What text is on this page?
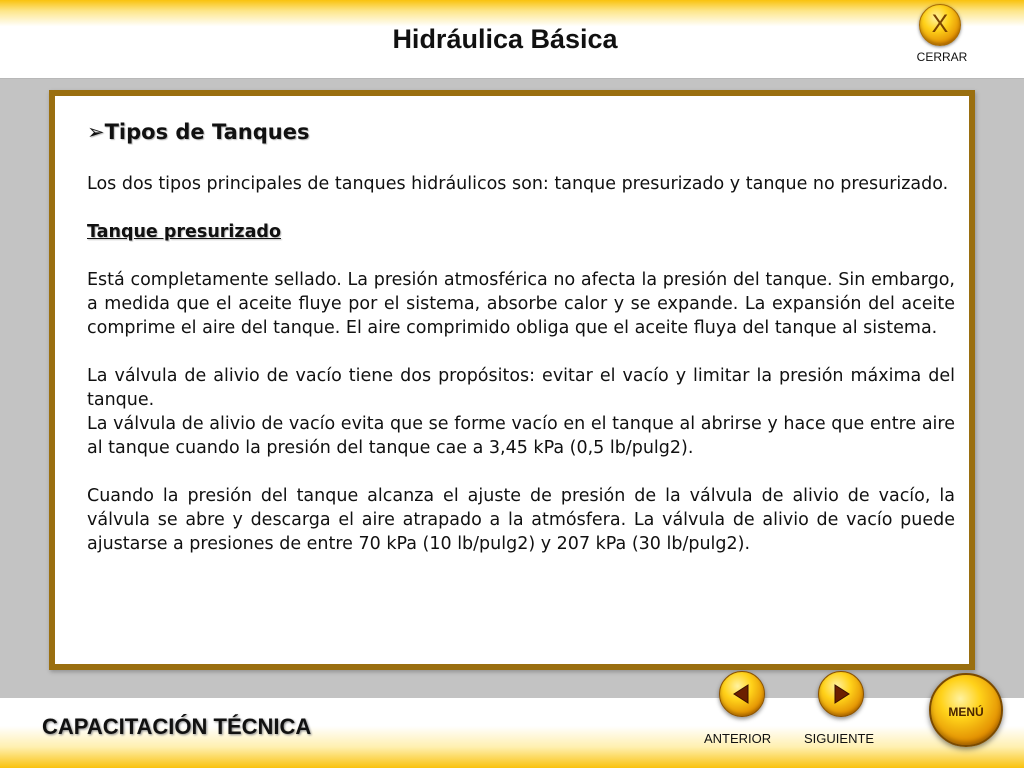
Hidráulica Básica
X
CERRAR

➢Tipos de Tanques

Los dos tipos principales de tanques hidráulicos son: tanque presurizado y tanque no presurizado.

Tanque presurizado

Está completamente sellado. La presión atmosférica no afecta la presión del tanque. Sin embargo, a medida que el aceite fluye por el sistema, absorbe calor y se expande. La expansión del aceite comprime el aire del tanque. El aire comprimido obliga que el aceite fluya del tanque al sistema.

La válvula de alivio de vacío tiene dos propósitos: evitar el vacío y limitar la presión máxima del tanque.

La válvula de alivio de vacío evita que se forme vacío en el tanque al abrirse y hace que entre aire al tanque cuando la presión del tanque cae a 3,45 kPa (0,5 lb/pulg2).

Cuando la presión del tanque alcanza el ajuste de presión de la válvula de alivio de vacío, la válvula se abre y descarga el aire atrapado a la atmósfera. La válvula de alivio de vacío puede ajustarse a presiones de entre 70 kPa (10 lb/pulg2) y 207 kPa (30 lb/pulg2).

CAPACITACIÓN TÉCNICA	ANTERIOR	SIGUIENTE
MENÚ
